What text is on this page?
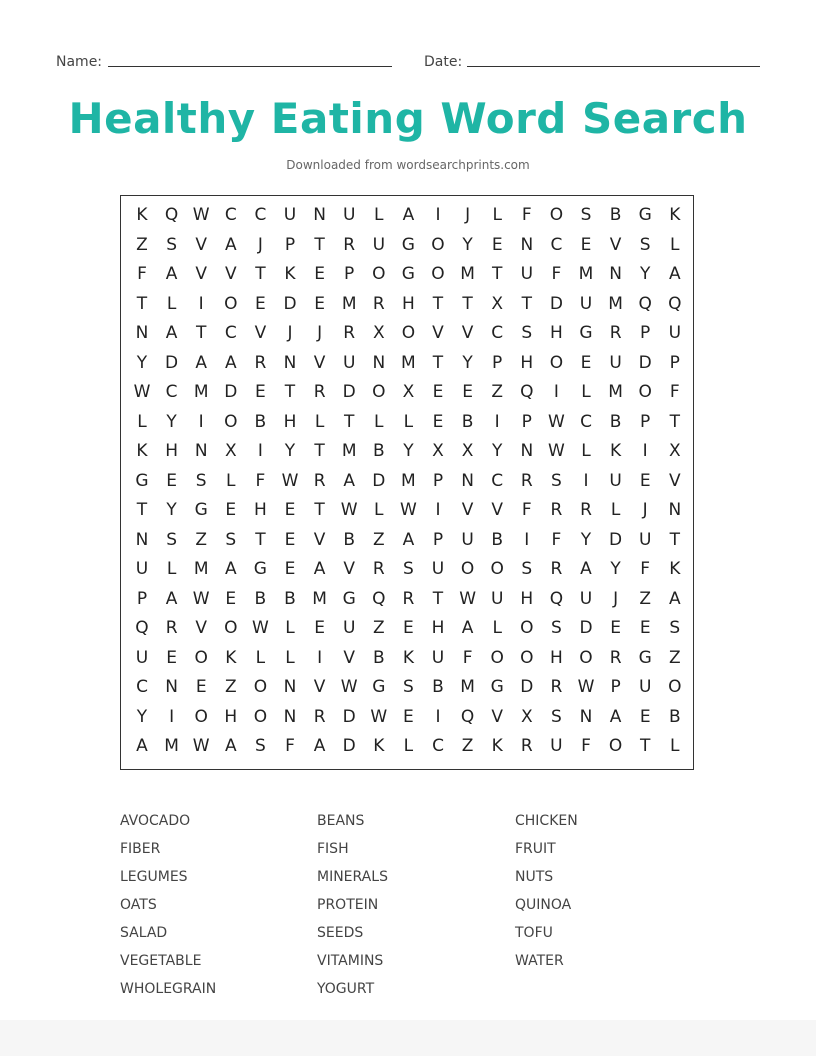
Name:	Date:
Healthy Eating Word Search
Downloaded from wordsearchprints.com
K	Q W C	C	U	N	U	L	A	I	J	L	F	O	S	B	G	K
Z	S	V	A	J	P	T	R	U G O	Y	E	N	C	E	V	S	L
F	A	V	V	T	K	E	P	O G O M	T	U	F	M N	Y	A
T	L	I	O	E	D	E M R	H	T	T	X	T	D U M Q Q
N	A	T	C	V	J	J	R	X	O	V	V	C	S	H G	R	P	U
Y	D	A	A	R	N	V	U	N M	T	Y	P	H O	E	U D	P
W C M D	E	T	R	D O	X	E	E	Z	Q	I	L	M O	F
L	Y	I	O	B	H	L	T	L	L	E	B	I	P W C	B	P	T
K	H N	X	I	Y	T	M B	Y	X	X	Y	N W L	K	I	X
G	E	S	L	F W R	A	D M	P	N	C	R	S	I	U	E	V
T	Y	G	E	H	E	T W L W	I	V	V	F	R	R	L	J	N
N	S	Z	S	T	E	V	B	Z	A	P	U	B	I	F	Y	D U	T
U	L	M A	G	E	A	V	R	S	U O O	S	R	A	Y	F	K
P	A W E	B	B M G Q	R	T W U H Q U	J	Z	A
Q	R	V	O W L	E	U	Z	E	H	A	L	O	S	D	E	E	S
U	E	O	K	L	L	I	V	B	K	U	F	O O H O	R	G	Z
C	N	E	Z	O N	V W G	S	B M G D	R W P	U O
Y	I	O H O N	R	D W E	I	Q	V	X	S	N	A	E	B
A M W A	S	F	A	D	K	L	C	Z	K	R	U	F	O	T	L
AVOCADO	BEANS	CHICKEN
FIBER	FISH	FRUIT
LEGUMES	MINERALS	NUTS
OATS	PROTEIN	QUINOA
SALAD	SEEDS	TOFU
VEGETABLE	VITAMINS	WATER
WHOLEGRAIN	YOGURT
